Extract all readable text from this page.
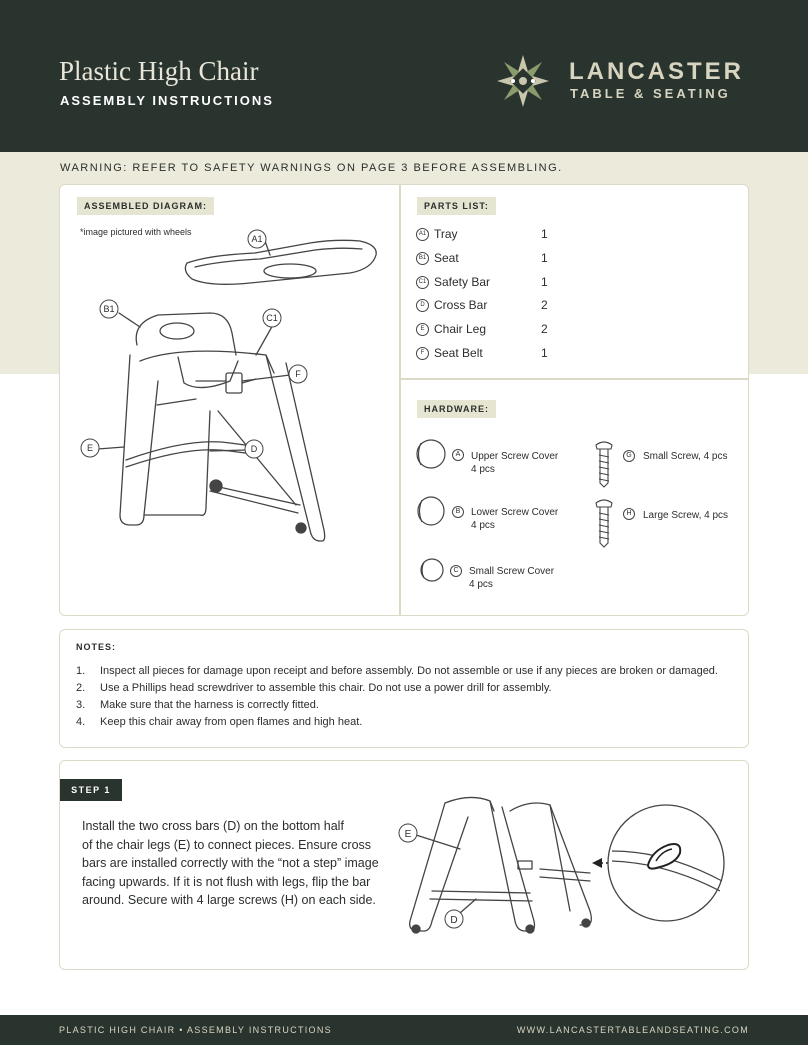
Plastic High Chair
ASSEMBLY INSTRUCTIONS
LANCASTER
TABLE & SEATING
WARNING: REFER TO SAFETY WARNINGS ON PAGE 3 BEFORE ASSEMBLING.
ASSEMBLED DIAGRAM:
*image pictured with wheels
A1
B1
C1
F
E	D
PARTS LIST:
A1 Tray	1
B1 Seat	1
C1 Safety Bar	1
D Cross Bar	2
E Chair Leg	2
F Seat Belt	1
HARDWARE:
A	Upper Screw Cover
4 pcs
B	Lower Screw Cover
4 pcs
C	Small Screw Cover
4 pcs
G	Small Screw, 4 pcs
H	Large Screw, 4 pcs
NOTES:
1. Inspect all pieces for damage upon receipt and before assembly. Do not assemble or use if any pieces are broken or damaged.
2. Use a Phillips head screwdriver to assemble this chair. Do not use a power drill for assembly.
3. Make sure that the harness is correctly fitted.
4. Keep this chair away from open flames and high heat.
STEP 1
Install the two cross bars (D) on the bottom half
of the chair legs (E) to connect pieces. Ensure cross
bars are installed correctly with the “not a step” image
facing upwards. If it is not flush with legs, flip the bar
around. Secure with 4 large screws (H) on each side.
E
D
PLASTIC HIGH CHAIR • ASSEMBLY INSTRUCTIONS	WWW.LANCASTERTABLEANDSEATING.COM
